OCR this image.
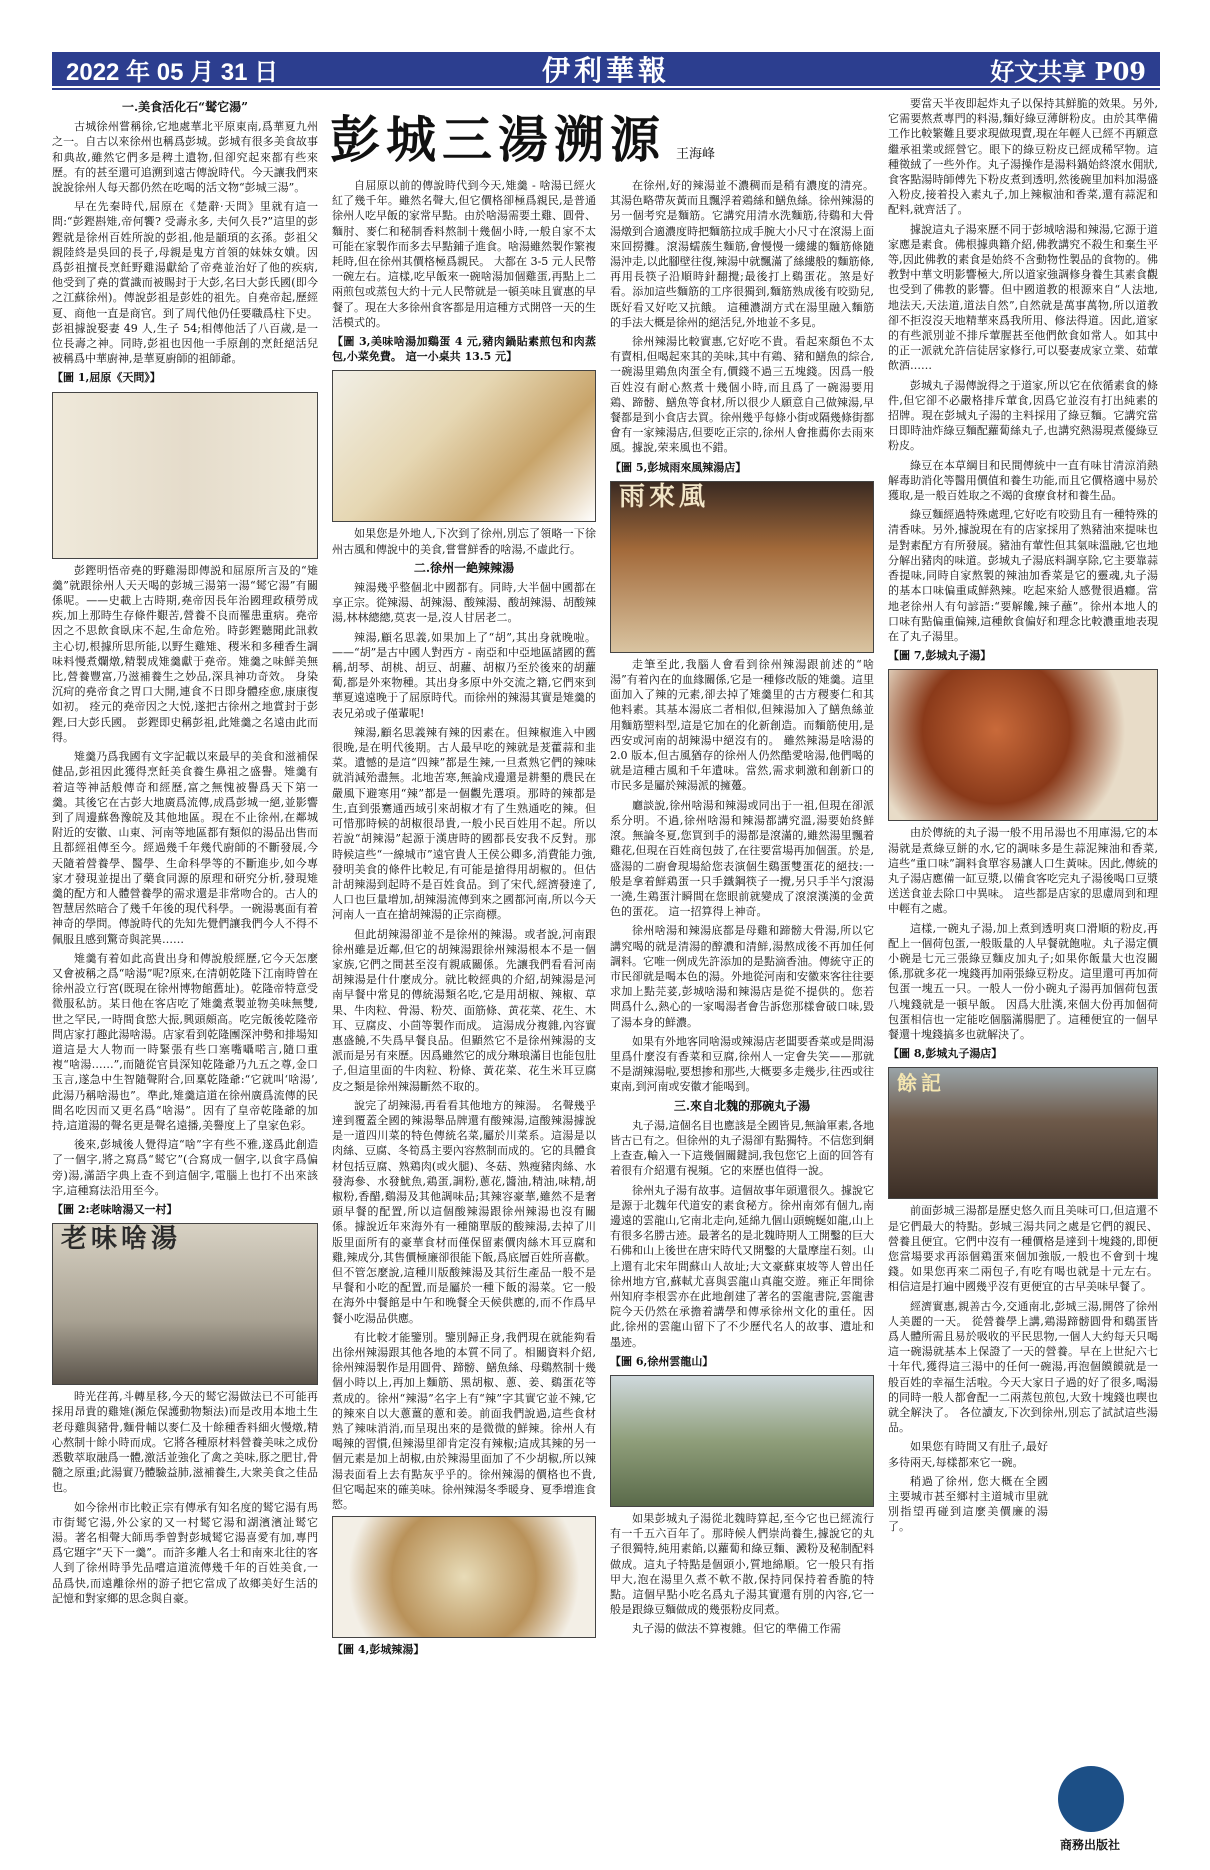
2022 年 05 月 31 日	伊利華報	好文共享 P09
一.美食活化石“𬸚它湯”

古城徐州嘗稱徐,它地處華北平原東南,爲華夏九州之一。自古以來徐州也稱爲彭城。彭城有很多美食故事和典故,雖然它們多是稗土遺物,但卻究起來都有些來歷。有的甚至還可追溯到遠古傳說時代。今天讓我們來說說徐州人每天都仍然在吃喝的活文物“彭城三湯”。

早在先秦時代,屈原在《楚辭·天問》里就有這一問:“彭鏗斟雉,帝何饗? 受壽永多, 夫何久長?”這里的彭鏗就是徐州百姓所說的彭祖,他是顓頊的玄孫。彭祖父親陸終是吳回的長子,母親是鬼方首領的妹妹女嬇。因爲彭祖擅長烹飪野雞湯獻給了帝堯並治好了他的疾病,他受到了堯的賞識而被賜封于大彭,名曰大彭氏國(即今之江蘇徐州)。傳說彭祖是彭姓的祖先。自堯帝起,歷經夏、商他一直是商官。到了周代他仍任要職爲柱下史。彭祖據說娶妻 49 人,生子 54;相傳他活了八百歲,是一位長壽之神。同時,彭祖也因他一手原創的烹飪絕活兒被稱爲中華廚神,是華夏廚師的祖師爺。

【圖 1,屈原《天問》】

彭鏗明悟帝堯的野雞湯即傳説和屈原所言及的“雉羹”就跟徐州人天天喝的彭城三湯第一湯“𬸚它湯”有關係呢。——史載上古時期,堯帝因長年治國理政積勞成疾,加上那時生存條件艱苦,營養不良而罹患重病。堯帝因之不思飲食臥床不起,生命危殆。時彭鏗聽聞此訊救主心切,根據所思所能,以野生雞雉、稷米和多種香生調味料慢煮爛燉,精製成雉羹獻于堯帝。雉羹之味鮮美無比,營養豐富,乃滋補養生之妙品,深具神功奇效。 身染沉疴的堯帝食之胃口大開,連食不日即身體痊愈,康康復如初。 痊元的堯帝因之大悦,遂把古徐州之地賞封于彭鏗,曰大彭氏國。 彭鏗即史稱彭祖,此雉羹之名遠由此而得。

雉羹乃爲我國有文字記載以來最早的美食和滋補保健品,彭祖因此獲得烹飪美食養生鼻祖之盛譽。雉羹有着這等神話般傳奇和經歷,富之無愧被譽爲天下第一羹。其後它在古彭大地廣爲流傳,成爲彭城一絕,並影響到了周邊蘇魯豫皖及其他地區。現在不止徐州,在鄰城附近的安徽、山東、河南等地區都有類似的湯品出售而且都經祖傳至今。經過幾千年幾代廚師的不斷發展,今天隨着營養學、醫學、生命科學等的不斷進步,如今專家才發現並提出了藥食同源的原理和研究分析,發現雉羹的配方和人體營養學的需求還是非常吻合的。古人的智慧居然暗合了幾千年後的現代科學。一碗湯裏面有着神奇的學問。傳說時代的先知先覺們讓我們今人不得不佩服且感到驚奇與詫異……

雉羹有着如此高貴出身和傳說般經歷,它今天怎麼又會被稱之爲“啥湯”呢?原來,在清朝乾隆下江南時曾在徐州設立行宮(既現在徐州博物館舊址)。乾隆帝特意受微服私訪。某日他在客店吃了雉羹煮製並物美味無雙,世之罕民,一時間食慾大振,興頭頗高。吃完飯後乾隆帝問店家打趣此湯啥湯。店家看到乾隆團深沖勢和排場知道這是大人物而一時緊張有些口塞嘴囁喏言,隨口重複“啥湯……”,而隨從官員深知乾隆爺乃九五之尊,金口玉言,遂急中生智隨聲附合,回稟乾隆爺:“它就叫‘啥湯’,此湯乃稱啥湯也”。準此,雉羹這道在徐州廣爲流傳的民間名吃因而又更名爲“啥湯”。因有了皇帝乾隆爺的加持,這道湯的聲名更是聲名遠播,美譽度上了皇家色彩。

後來,彭城後人覺得這“啥”字有些不雅,遂爲此創造了一個字,將之寫爲“𬸚它”(合寫成一個字,以食字爲偏旁)湯,滿語字典上查不到這個字,電腦上也打不出來該字,這種寫法沿用至今。

【圖 2:老味啥湯又一村】
老味啥湯

時光荏苒,斗轉星移,今天的𬸚它湯做法已不可能再採用昂貴的雞雉(瀕危保護動物類法)而是改用本地土生老母雞與豬骨,麵骨輔以麥仁及十餘種香料細火慢燉,精心熬制十餘小時而成。它將各種原材料營養美味之成份悉數萃取融爲一體,激活並強化了禽之美味,豚之肥甘,骨髓之原重;此湯實乃體驗益肺,滋補養生,大衆美食之佳品也。

如今徐州市比較正宗有傳承有知名度的𬸚它湯有馬市街𬸚它湯,外公家的又一村𬸚它湯和湖濱濱沚𬸚它湯。著名相聲大師馬季曾對彭城𬸚它湯喜愛有加,專門爲它題字“天下一羹”。而許多離人名士和南來北往的客人到了徐州時爭先品嚐這道流傳幾千年的百姓美食,一品爲快,而遠離徐州的游子把它當成了故鄉美好生活的記憶和對家鄉的思念與自豪。

彭城三湯溯源 王海峰

自屈原以前的傳說時代到今天,雉羹 - 啥湯已經火紅了幾千年。雖然名聲大,但它價格卻極爲親民,是普通徐州人吃早飯的家常早點。由於啥湯需要土雞、圓骨、麵肘、麥仁和秘制香料熬制十幾個小時,一般自家不太可能在家製作而多去早點鋪子進食。啥湯雖然製作繁複耗時,但在徐州其價格極爲親民。 大都在 3-5 元人民幣一碗左右。這樣,吃早飯來一碗啥湯加個雞蛋,再點上二兩煎包或蒸包大約十元人民幣就是一頓美味且實惠的早餐了。現在大多徐州食客都是用這種方式開啓一天的生活模式的。

【圖 3,美味啥湯加鷄蛋 4 元,豬肉鍋貼素煎包和肉蒸包,小菜免費。 這一小桌共 13.5 元】

如果您是外地人,下次到了徐州,別忘了領略一下徐州古風和傳說中的美食,嘗嘗鮮香的啥湯,不虛此行。

二.徐州一絶辣辣湯

辣湯幾乎整個北中國都有。同時,大半個中國都在享正宗。從辣湯、胡辣湯、酸辣湯、酸胡辣湯、胡酸辣湯,林林總總,莫衷一是,沒人甘居老二。

辣湯,顧名思義,如果加上了“胡”,其出身就晚啦。——“胡”是古中國人對西方 - 南亞和中亞地區諸國的舊稱,胡琴、胡桃、胡豆、胡蘿、胡椒乃至於後來的胡蘿蔔,都是外來物種。其出身多原中外交流之籍,它們來到華夏遠遠晚于了屈原時代。而徐州的辣湯其實是雉羹的表兄弟或子僅輩呢!

辣湯,顧名思義辣有辣的因素在。但辣椒進入中國很晚,是在明代後期。古人最早吃的辣就是茇藿蒜和韭菜。遺憾的是這“四辣”都是生辣,一旦煮熟它們的辣味就消減殆盡無。北地苦寒,無論戍邊還是耕墾的農民在嚴風下避寒用“辣”都是一個觀先選項。那時的辣都是生,直到張騫通西域引來胡椒才有了生熟通吃的辣。但可惜那時候的胡椒很昂貴,一般小民百姓用不起。所以若說“胡辣湯”起源于漢唐時的國都長安我不反對。那時候這些“一線城市”遠官貴人王侯公卿多,消費能力強,發明美食的條件比較足,有可能是搶得用胡椒的。但估計胡辣湯到起時不是百姓食品。到了宋代,經濟發達了,人口也巨量增加,胡辣湯流傳到來之國都河南,所以今天河南人一直在搶胡辣湯的正宗商標。

但此胡辣湯卻並不是徐州的辣湯。或者說,河南跟徐州雖是近鄰,但它的胡辣湯跟徐州辣湯根本不是一個家族,它們之間甚至沒有親戚關係。先讓我們看看河南胡辣湯是什什麼成分。就比較經典的介紹,胡辣湯是河南早餐中常見的傳統湯類名吃,它是用胡椒、辣椒、草果、牛肉粒、骨湯、粉芡、面筋條、黄花菜、花生、木耳、豆腐皮、小茴等製作而成。 這湯成分複雜,內容實惠盛饒,不失爲早餐良品。但顯然它不是徐州辣湯的支派而是另有來歷。因爲雖然它的成分琳琅滿目也能包肚子,但這里面的牛肉粒、粉條、黃花菜、花生米耳豆腐皮之類是徐州辣湯斷然不取的。

說完了胡辣湯,再看看其他地方的辣湯。 名聲幾乎達到覆蓋全國的辣湯舉品牌還有酸辣湯,這酸辣湯據說是一道四川菜的特色傳統名菜,屬於川菜系。這湯是以肉絲、豆腐、冬筍爲主要內容熬制而成的。它的具體食材包括豆腐、熟鶏肉(或火腿)、冬菇、熟瘦豬肉絲、水發海參、水發魷魚,鶏蛋,調粉,蔥花,醬油,精油,味精,胡椒粉,香醋,鷄湯及其他調味品;其辣容豪華,雖然不是奢頭早餐的配置,所以這個酸辣湯跟徐州辣湯也沒有關係。據說近年來海外有一種簡單版的酸辣湯,去掉了川版里面所有的豪華食材而僅保留素價肉絲木耳豆腐和雞,辣成分,其售價極廉卻很能下飯,爲底層百姓所喜歡。但不管怎麼說,這種川版酸辣湯及其衍生產品一般不是早餐和小吃的配置,而是屬於一種下飯的湯菜。它一般在海外中餐館是中午和晚餐全天候供應的,而不作爲早餐小吃湯品供應。

有比較才能鑒別。鑒別歸正身,我們現在就能夠看出徐州辣湯跟其他各地的本質不同了。相關資料介紹,徐州辣湯製作是用圓骨、蹄髈、鱔魚絲、母鷄熬制十幾個小時以上,再加上麵筋、黑胡椒、蔥、姜、鷄蛋花等煮成的。徐州“辣湯”名字上有“辣”字其實它並不辣,它的辣來自以大蔥薑的蔥和姜。前面我們說過,這些食材熟了辣味消消,而呈現出來的是微微的鮮辣。徐州人有喝辣的習慣,但辣湯里卻肯定沒有辣椒;這成其辣的另一個元素是加上胡椒,由於辣湯里面加了不少胡椒,所以辣湯表面看上去有點灰乎乎的。徐州辣湯的價格也不貴,但它喝起來的確美味。徐州辣湯冬季暖身、夏季增進食慾。

【圖 4,彭城辣湯】

在徐州,好的辣湯並不濃稠而是稍有濃度的清亮。其湯色略帶灰黃而且飄浮着鶏絲和鱔魚絲。徐州辣湯的另一個考究是麵筋。它講究用清水洗麵筋,待鷄和大骨湯燉到合適濃度時把麵筋拉成手腕大小尺寸在滾湯上面來回撈攤。滾湯蠕蔟生麵筋,會慢慢一縷縷的麵筋條隨湯沖走,以此腳壁往復,辣湯中就飄滿了絲縷般的麵筋條,再用長筷子沿順時針翻攪;最後打上鷄蛋花。煞是好看。添加這些麵筋的工序很獨到,麵筋熟成後有咬勁兒,既好看又好吃又抗餓。 這種濃湖方式在湯里融入麵筋的手法大概是徐州的絕活兒,外地並不多見。

徐州辣湯比較實惠,它好吃不貴。看起來顏色不太有賣相,但喝起來其的美味,其中有鶏、豬和鱔魚的綜合,一碗湯里鶏魚肉蛋全有,價錢不過三五塊錢。因爲一般百姓沒有耐心熬煮十幾個小時,而且爲了一碗湯要用鶏、蹄髈、鱔魚等食材,所以很少人願意自己做辣湯,早餐都是到小食店去買。徐州幾乎每條小街或隔幾條街都會有一家辣湯店,但要吃正宗的,徐州人會推薦你去雨來風。據說,荣来風也不錯。

【圖 5,彭城雨來風辣湯店】
雨來風

走筆至此,我腦人會看到徐州辣湯跟前述的“啥湯”有着內在的血緣關係,它是一種修改版的雉羹。這里面加入了辣的元素,卻去掉了雉羹里的古方稷麥仁和其他料素。其基本湯底二者相似,但辣湯加入了鱔魚絲並用麵筋塑料型,這是它加在的化新創造。而麵筋使用,是西安或河南的胡辣湯中絕沒有的。 雖然辣湯是啥湯的 2.0 版本,但古風猶存的徐州人仍然酷愛啥湯,他們喝的就是這種古風和千年遺味。當然,需求刺激和創新口的市民多是屬於辣湯派的擁躉。

廳談說,徐州啥湯和辣湯或同出于一祖,但現在卻派系分明。不過,徐州啥湯和辣湯都講究溫,湯要始終鮮滾。無論冬夏,您買到手的湯都是滾滿的,雖然湯里飄着雞花,但現在百姓商包鼓了,在往要當場再加個蛋。於是,盛湯的二廚會現場給您表演個生鷄蛋雙蛋花的絕技:一般是拿着鮮鶏蛋一只手鐵鋼筷子一攪,另只手半勺滾湯一澆,生鶏蛋汁瞬間在您眼前就變成了滾滾漢漢的金黄色的蛋花。 這一招算得上神奇。

徐州啥湯和辣湯底都是母雞和蹄髈大骨湯,所以它講究喝的就是清湯的醇濃和清鮮,湯熬成後不再加任何調料。它唯一例成先許添加的是點滴香油。傳統守正的市民卻就是喝本色的湯。外地從河南和安徽來客往往要求加上點芫荽,彭城啥湯和辣湯店是從不提供的。您若問爲什么,熱心的一家喝湯者會告訴您那樣會破口味,毀了湯本身的鮮濃。

如果有外地客同啥湯或辣湯店老闆要香菜或是問湯里爲什麼沒有香菜和豆腐,徐州人一定會失笑——那就不是湖辣湯啦,要想掺和那些,大概要多走幾步,往西或往東南,到河南或安徽才能喝到。

三.來自北魏的那碗丸子湯

丸子湯,這個名目也應該是全國皆見,無論軍素,各地皆古已有之。但徐州的丸子湯卻有點獨特。不信您到網上查查,輸入一下這幾個關鍵詞,我包您它上面的回答有着很有介紹還有視頻。它的來歷也值得一說。

徐州丸子湯有故事。這個故事年頭還很久。據說它是源于北魏年代道安的素食秘方。徐州南郊有個九,南邊遠的雲龍山,它南北走向,延綿九個山頭蜿蜒如龍,山上有很多名勝古迹。最著名的是北魏時期人工開鑿的巨大石佛和山上後世在唐宋時代又開鑿的大量摩崖石刻。山上還有北宋年間蘇山人故址;大文豪蘇東坡等人曾出任徐州地方官,蘇軾尤喜與雲龍山真龍交遊。雍正年間徐州知府李根雲亦在此地創建了著名的雲龍書院,雲龍書院今天仍然在承擔着講學和傳承徐州文化的重任。因此,徐州的雲龍山留下了不少歷代名人的故事、遺址和墨迹。

【圖 6,徐州雲龍山】

如果彭城丸子湯從北魏時算起,至今它也已經流行有一千五六百年了。那時候人們崇尚養生,據說它的丸子很獨特,純用素餡,以蘿蔔和綠豆麵、澱粉及秘制配料做成。這丸子特點是個頭小,質地綿順。它一般只有指甲大,泡在湯里久煮不軟不散,保持同保持着香脆的特點。這個早點小吃名爲丸子湯其實還有別的內容,它一般是跟綠豆麵做成的幾張粉皮同煮。

丸子湯的做法不算複雜。但它的準備工作需

要當天半夜即起炸丸子以保持其鮮脆的效果。另外,它需要熬煮專門的料湯,麵好綠豆薄餅粉皮。由於其準備工作比較繁難且要求現做現賣,現在年輕人已經不再願意繼承祖業或經營它。眼下的綠豆粉皮已經成稀罕物。這種徵絨了一些外作。丸子湯操作是湯料鍋始終滾水佣狀,食客點湯時師傅先下粉皮煮到透明,然後碗里加料加湯盛入粉皮,接着投入素丸子,加上辣椒油和香菜,還有蒜泥和配料,就齊活了。

據說這丸子湯來歷不同于彭城啥湯和辣湯,它源于道家應是素食。佛根據典籍介紹,佛教講究不殺生和棄生平等,因此佛教的素食是始終不含動物性製品的食物的。佛教對中華文明影響極大,所以道家強調修身養生其素食觀也受到了佛教的影響。但中國道教的根源來自“人法地,地法天,天法道,道法自然”,自然就是萬事萬物,所以道教卻不拒沒沒天地精華來爲我所用、修法得道。因此,道家的有些派別並不排斥葷腥甚至他們飲食如常人。如其中的正一派就允許信徒居家修行,可以娶妻成家立業、茹葷飲酒……

彭城丸子湯傳說得之于道家,所以它在依循素食的條件,但它卻不必嚴格排斥葷食,因爲它並沒有打出純素的招牌。現在彭城丸子湯的主料採用了綠豆麵。它講究當日即時油炸綠豆麵配蘿蔔絲丸子,也講究熱湯現煮優綠豆粉皮。

綠豆在本草綱目和民間傳統中一直有味甘清涼消熱解毒助消化等醫用價值和養生功能,而且它價格適中易於獲取,是一般百姓取之不竭的食療食材和養生品。

綠豆麵經過特殊處理,它好吃有咬勁且有一種特殊的清香味。另外,據說現在有的店家採用了熟豬油來提味也是對素配方有所發展。豬油有葷性但其氣味溫融,它也地分解出豬肉的味道。彭城丸子湯底料調享除,它主要靠蒜香提味,同時自家熬製的辣油加香菜是它的靈魂,丸子湯的基本口味偏重咸鮮熱辣。吃起來給人感覺很過癮。當地老徐州人有句諺語:“要解饞,辣子蘸”。徐州本地人的口味有點偏重偏辣,這種飲食偏好和理念比較濃重地表現在了丸子湯里。

【圖 7,彭城丸子湯】

由於傳統的丸子湯一般不用吊湯也不用庫湯,它的本湯就是煮綠豆餅的水,它的調味多是生蒜泥辣油和香菜,這些“重口味”調料食單容易讓人口生黃味。因此,傳統的丸子湯店應備一缸豆漿,以備食客吃完丸子湯後喝口豆漿送送食並去除口中異味。 這些都是店家的思慮周到和理中輕有之處。

這樣,一碗丸子湯,加上煮到透明爽口滑順的粉皮,再配上一個荷包蛋,一般販量的人早餐就飽啦。丸子湯定價小碗是七元三張綠豆麵皮加丸子;如果你飯量大也沒關係,那就多花一塊錢再加兩張綠豆粉皮。這里還可再加荷包蛋一塊五一只。一般人一份小碗丸子湯再加個荷包蛋八塊錢就是一頓早飯。 因爲大肚漢,來個大份再加個荷包蛋相信也一定能吃個腦滿腸肥了。這種便宜的一個早餐還十塊錢搞多也就解決了。

【圖 8,彭城丸子湯店】
餘記

前面彭城三湯都是歷史悠久而且美味可口,但這還不是它們最大的特點。彭城三湯共同之處是它們的親民、營養且便宜。它們中沒有一種價格是達到十塊錢的,即便您當場要求再添個鶏蛋來個加強版,一般也不會到十塊錢。如果您再來二兩包子,有吃有喝也就是十元左右。 相信這是打遍中國幾乎沒有更便宜的古早美味早餐了。

經濟實惠,親善古今,交通南北,彭城三湯,開啓了徐州人美麗的一天。 從營養學上講,鶏湯蹄髈圓骨和鷄蛋皆爲人體所需且易於吸收的平民思物,一個人大約每天只喝這一碗湯就基本上保證了一天的營養。早在上世紀六七十年代,獲得這三湯中的任何一碗湯,再泡個饃饃就是一般百姓的幸福生活啦。今天大家日子過的好了很多,喝湯的同時一般人都會配一二兩蒸包煎包,大致十塊錢也喫也就全解決了。 各位讀友,下次到徐州,別忘了試試這些湯品。

如果您有時間又有肚子,最好多待兩天,每樣都來它一碗。

稍過了徐州, 您大概在全國主要城市甚至鄉村主道城市里就別指望再碰到這麼美價廉的湯了。

商務出版社
